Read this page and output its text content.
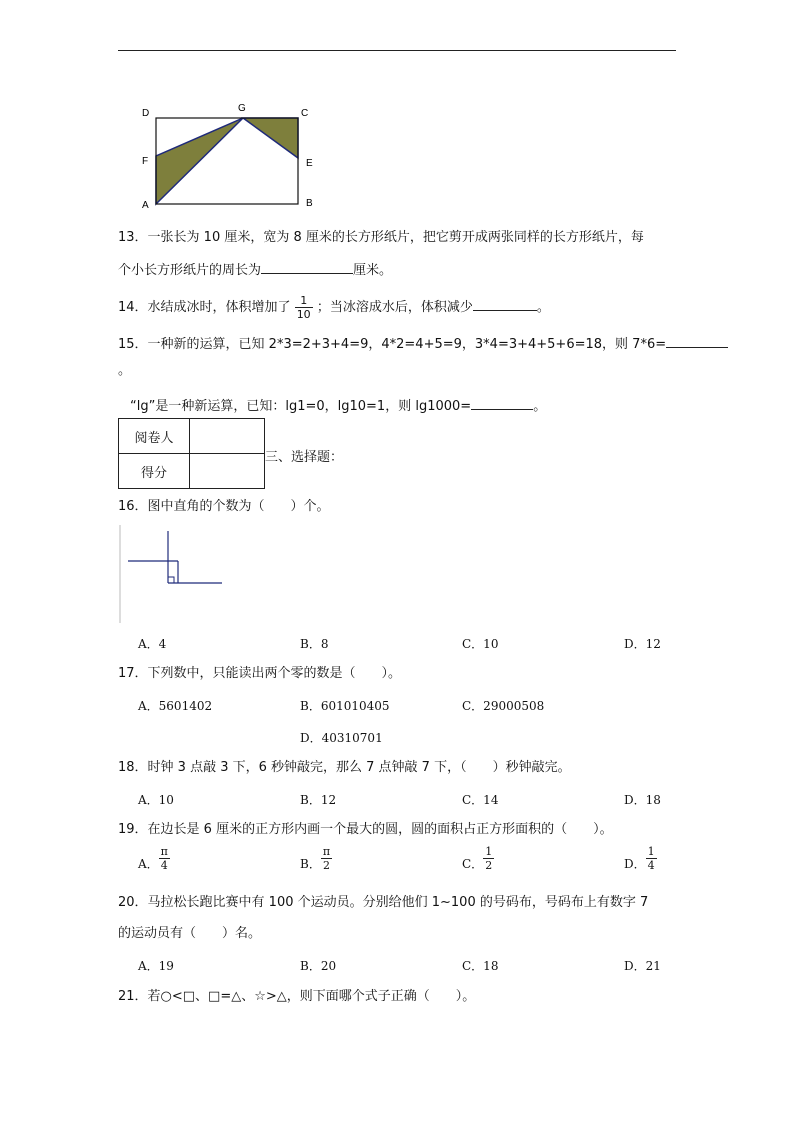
D	G	C
F	E
A	B
13．一张长为 10 厘米，宽为 8 厘米的长方形纸片，把它剪开成两张同样的长方形纸片，每
个小长方形纸片的周长为	厘米。
14．水结成冰时，体积增加了 $\frac{1}{10}$ ；当冰溶成水后，体积减少	。
15．一种新的运算，已知 2*3=2+3+4=9，4*2=4+5=9，3*4=3+4+5+6=18，则 7*6=
。
“lg”是一种新运算，已知：lg1=0，lg10=1，则 lg1000=	。
阅卷人	
得分	
三、选择题：
16．图中直角的个数为（　　）个。
A．4	B．8	C．10	D．12
17．下列数中，只能读出两个零的数是（　　）。
A．5601402	B．601010405	C．29000508
D．40310701
18．时钟 3 点敲 3 下，6 秒钟敲完，那么 7 点钟敲 7 下，（　　）秒钟敲完。
A．10	B．12	C．14	D．18
19．在边长是 6 厘米的正方形内画一个最大的圆，圆的面积占正方形面积的（　　）。
A． $\frac{\pi}{4}$	B． $\frac{\pi}{2}$	C． $\frac{1}{2}$	D． $\frac{1}{4}$
20．马拉松长跑比赛中有 100 个运动员。分别给他们 1~100 的号码布，号码布上有数字 7
的运动员有（　　）名。
A．19	B．20	C．18	D．21
21．若○<□、□=△、☆>△，则下面哪个式子正确（　　）。
